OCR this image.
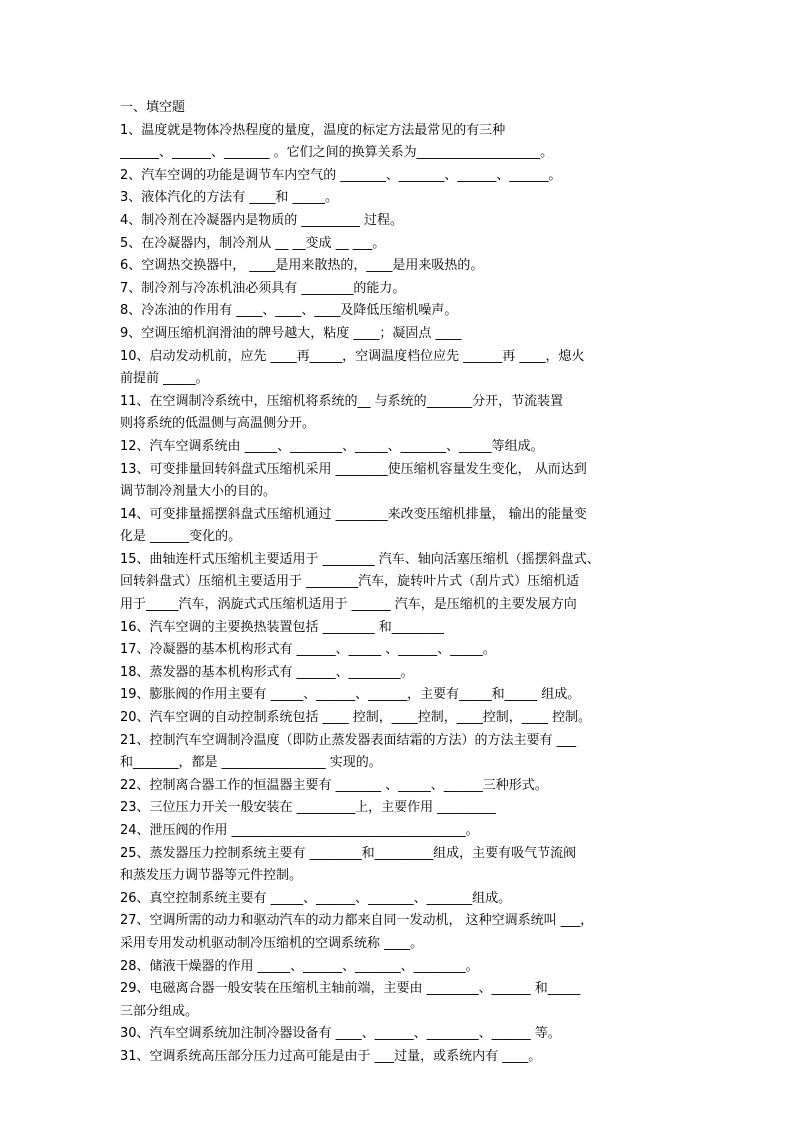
一、填空题
1、温度就是物体冷热程度的量度，温度的标定方法最常见的有三种
______、______、_______ 。它们之间的换算关系为___________________。
2、汽车空调的功能是调节车内空气的 _______、_______、______、______。
3、液体汽化的方法有 ____和 _____。
4、制冷剂在冷凝器内是物质的 _________ 过程。
5、在冷凝器内，制冷剂从 __ __变成 __ ___。
6、空调热交换器中， ____是用来散热的，____是用来吸热的。
7、制冷剂与冷冻机油必须具有 ________的能力。
8、冷冻油的作用有 ____、____、____及降低压缩机噪声。
9、空调压缩机润滑油的牌号越大，粘度 ____；凝固点 ____
10、启动发动机前，应先 ____再_____，空调温度档位应先 ______再 ____，熄火
前提前 _____。
11、在空调制冷系统中，压缩机将系统的__ 与系统的_______分开，节流装置
则将系统的低温侧与高温侧分开。
12、汽车空调系统由 _____、________、_____、_______、_____等组成。
13、可变排量回转斜盘式压缩机采用 ________使压缩机容量发生变化， 从而达到
调节制冷剂量大小的目的。
14、可变排量摇摆斜盘式压缩机通过 ________来改变压缩机排量， 输出的能量变
化是 ______变化的。
15、曲轴连杆式压缩机主要适用于 ________ 汽车、轴向活塞压缩机（摇摆斜盘式、
回转斜盘式）压缩机主要适用于 ________汽车，旋转叶片式（刮片式）压缩机适
用于_____汽车，涡旋式式压缩机适用于 ______ 汽车，是压缩机的主要发展方向
16、汽车空调的主要换热装置包括 ________ 和________
17、冷凝器的基本机构形式有 ______、_____ 、______、_____。
18、蒸发器的基本机构形式有 ______、________。
19、膨胀阀的作用主要有 _____、______、______，主要有_____和_____ 组成。
20、汽车空调的自动控制系统包括 ____ 控制，____控制，____控制，____ 控制。
21、控制汽车空调制冷温度（即防止蒸发器表面结霜的方法）的方法主要有 ___
和_______，都是 ________________ 实现的。
22、控制离合器工作的恒温器主要有 _______ 、_____、______三种形式。
23、三位压力开关一般安装在 _________上，主要作用 _________
24、泄压阀的作用 ____________________________________。
25、蒸发器压力控制系统主要有 ________和_________组成，主要有吸气节流阀
和蒸发压力调节器等元件控制。
26、真空控制系统主要有 _____、______、_______、_______组成。
27、空调所需的动力和驱动汽车的动力都来自同一发动机， 这种空调系统叫 ___，
采用专用发动机驱动制冷压缩机的空调系统称 ____。
28、储液干燥器的作用 _____、______、_______、________。
29、电磁离合器一般安装在压缩机主轴前端，主要由 ________、______ 和_____
三部分组成。
30、汽车空调系统加注制冷器设备有 ____、______、________、______ 等。
31、空调系统高压部分压力过高可能是由于 ___过量，或系统内有 ____。
